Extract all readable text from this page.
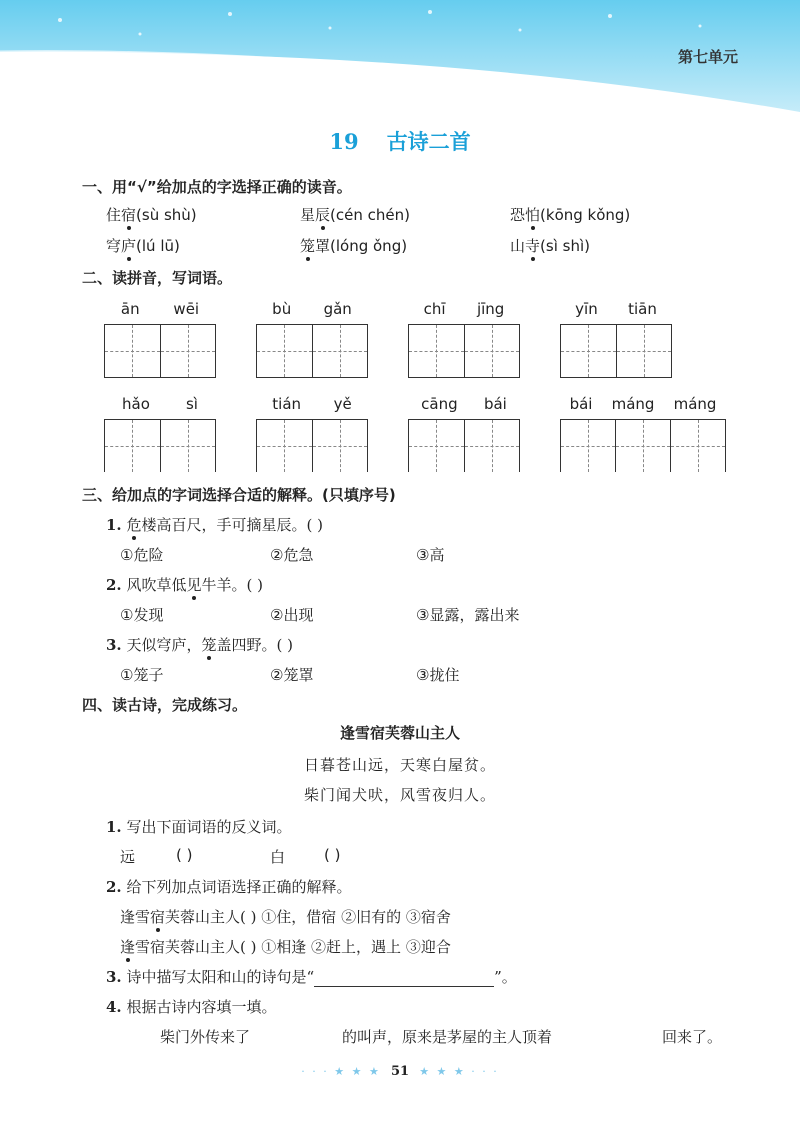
第七单元
19 古诗二首
一、用“√”给加点的字选择正确的读音。
住宿(sù shù)	星辰(cén chén)	恐怕(kōng kǒng)
穹庐(lú lū)	笼罩(lóng ǒng)	山寺(sì shì)
二、读拼音，写词语。
ān wēi	bù gǎn	chī jīng	yīn tiān
hǎo sì	tián yě	cāng bái	bái máng máng
三、给加点的字词选择合适的解释。(只填序号)
1. 危楼高百尺，手可摘星辰。( )
①危险	②危急	③高
2. 风吹草低见牛羊。( )
①发现	②出现	③显露，露出来
3. 天似穹庐，笼盖四野。( )
①笼子	②笼罩	③拢住
四、读古诗，完成练习。
逢雪宿芙蓉山主人
日暮苍山远，天寒白屋贫。
柴门闻犬吠，风雪夜归人。
1. 写出下面词语的反义词。
远	( )	白	( )
2. 给下列加点词语选择正确的解释。
逢雪宿芙蓉山主人( ) ①住，借宿 ②旧有的 ③宿舍
逢雪宿芙蓉山主人( ) ①相逢 ②赶上，遇上 ③迎合
3. 诗中描写太阳和山的诗句是“	”。
4. 根据古诗内容填一填。
柴门外传来了	的叫声，原来是茅屋的主人顶着	回来了。
· · · ★ ★ ★ 51 ★ ★ ★ · · ·
